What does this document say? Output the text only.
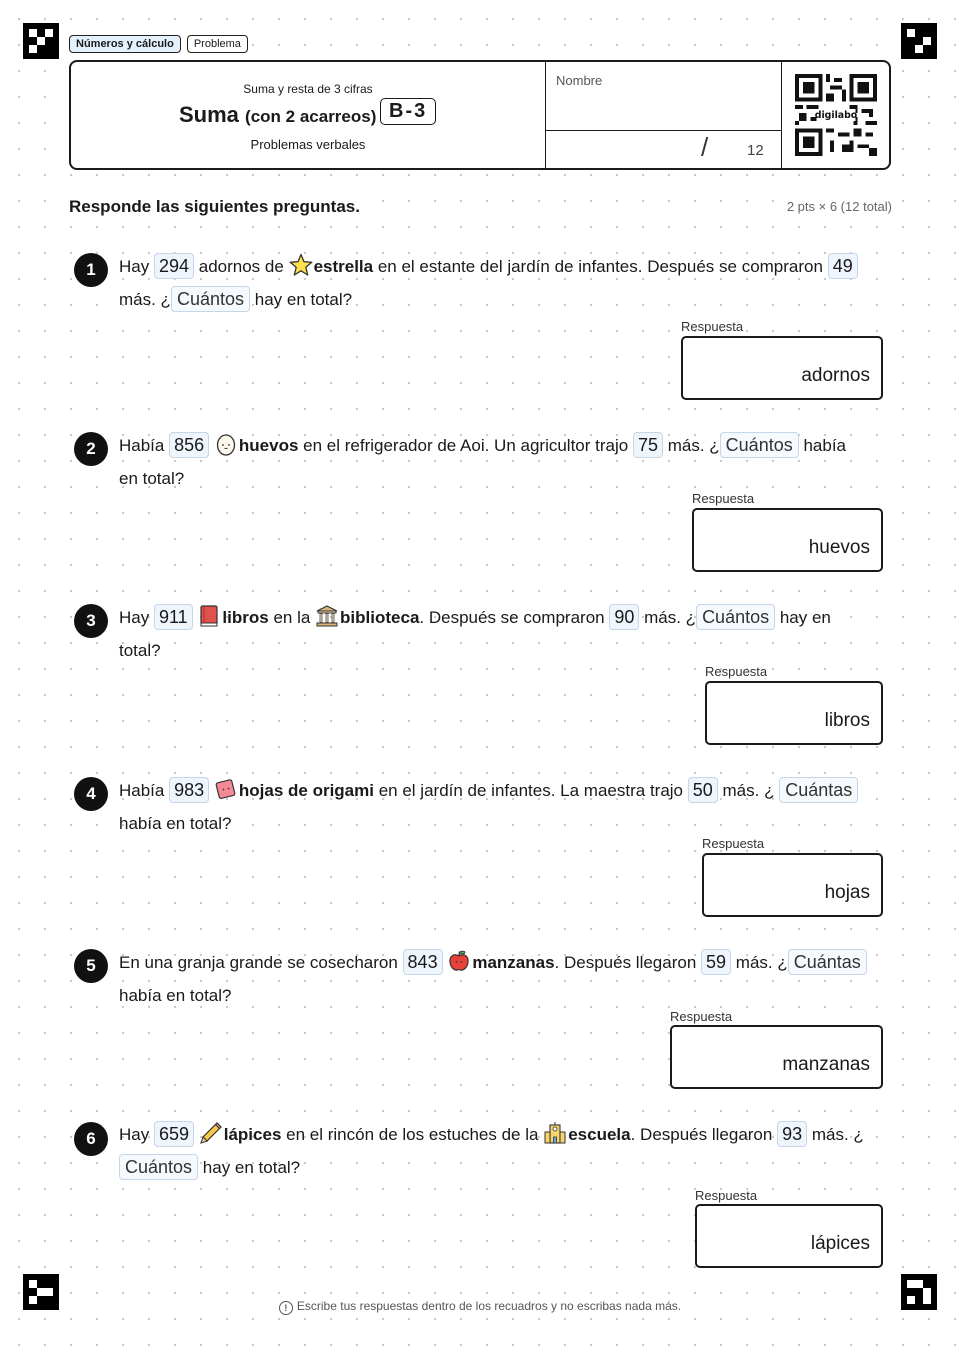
Números y cálculo	Problema
Suma y resta de 3 cifras
Suma (con 2 acarreos) B-3
Problemas verbales
Nombre
/	12
digilabo
Responde las siguientes preguntas.	2 pts × 6 (12 total)
1	Hay 294 adornos de estrella en el estante del jardín de infantes. Después se compraron 49
más. ¿ Cuántos hay en total?
Respuesta
adornos
2	Había 856 huevos en el refrigerador de Aoi. Un agricultor trajo 75 más. ¿ Cuántos había
en total?
Respuesta
huevos
3	Hay 911 libros en la biblioteca. Después se compraron 90 más. ¿ Cuántos hay en
total?
Respuesta
libros
4	Había 983 hojas de origami en el jardín de infantes. La maestra trajo 50 más. ¿ Cuántas
había en total?
Respuesta
hojas
5	En una granja grande se cosecharon 843 manzanas. Después llegaron 59 más. ¿ Cuántas
había en total?
Respuesta
manzanas
6	Hay 659 lápices en el rincón de los estuches de la escuela. Después llegaron 93 más. ¿
Cuántos hay en total?
Respuesta
lápices
! Escribe tus respuestas dentro de los recuadros y no escribas nada más.
